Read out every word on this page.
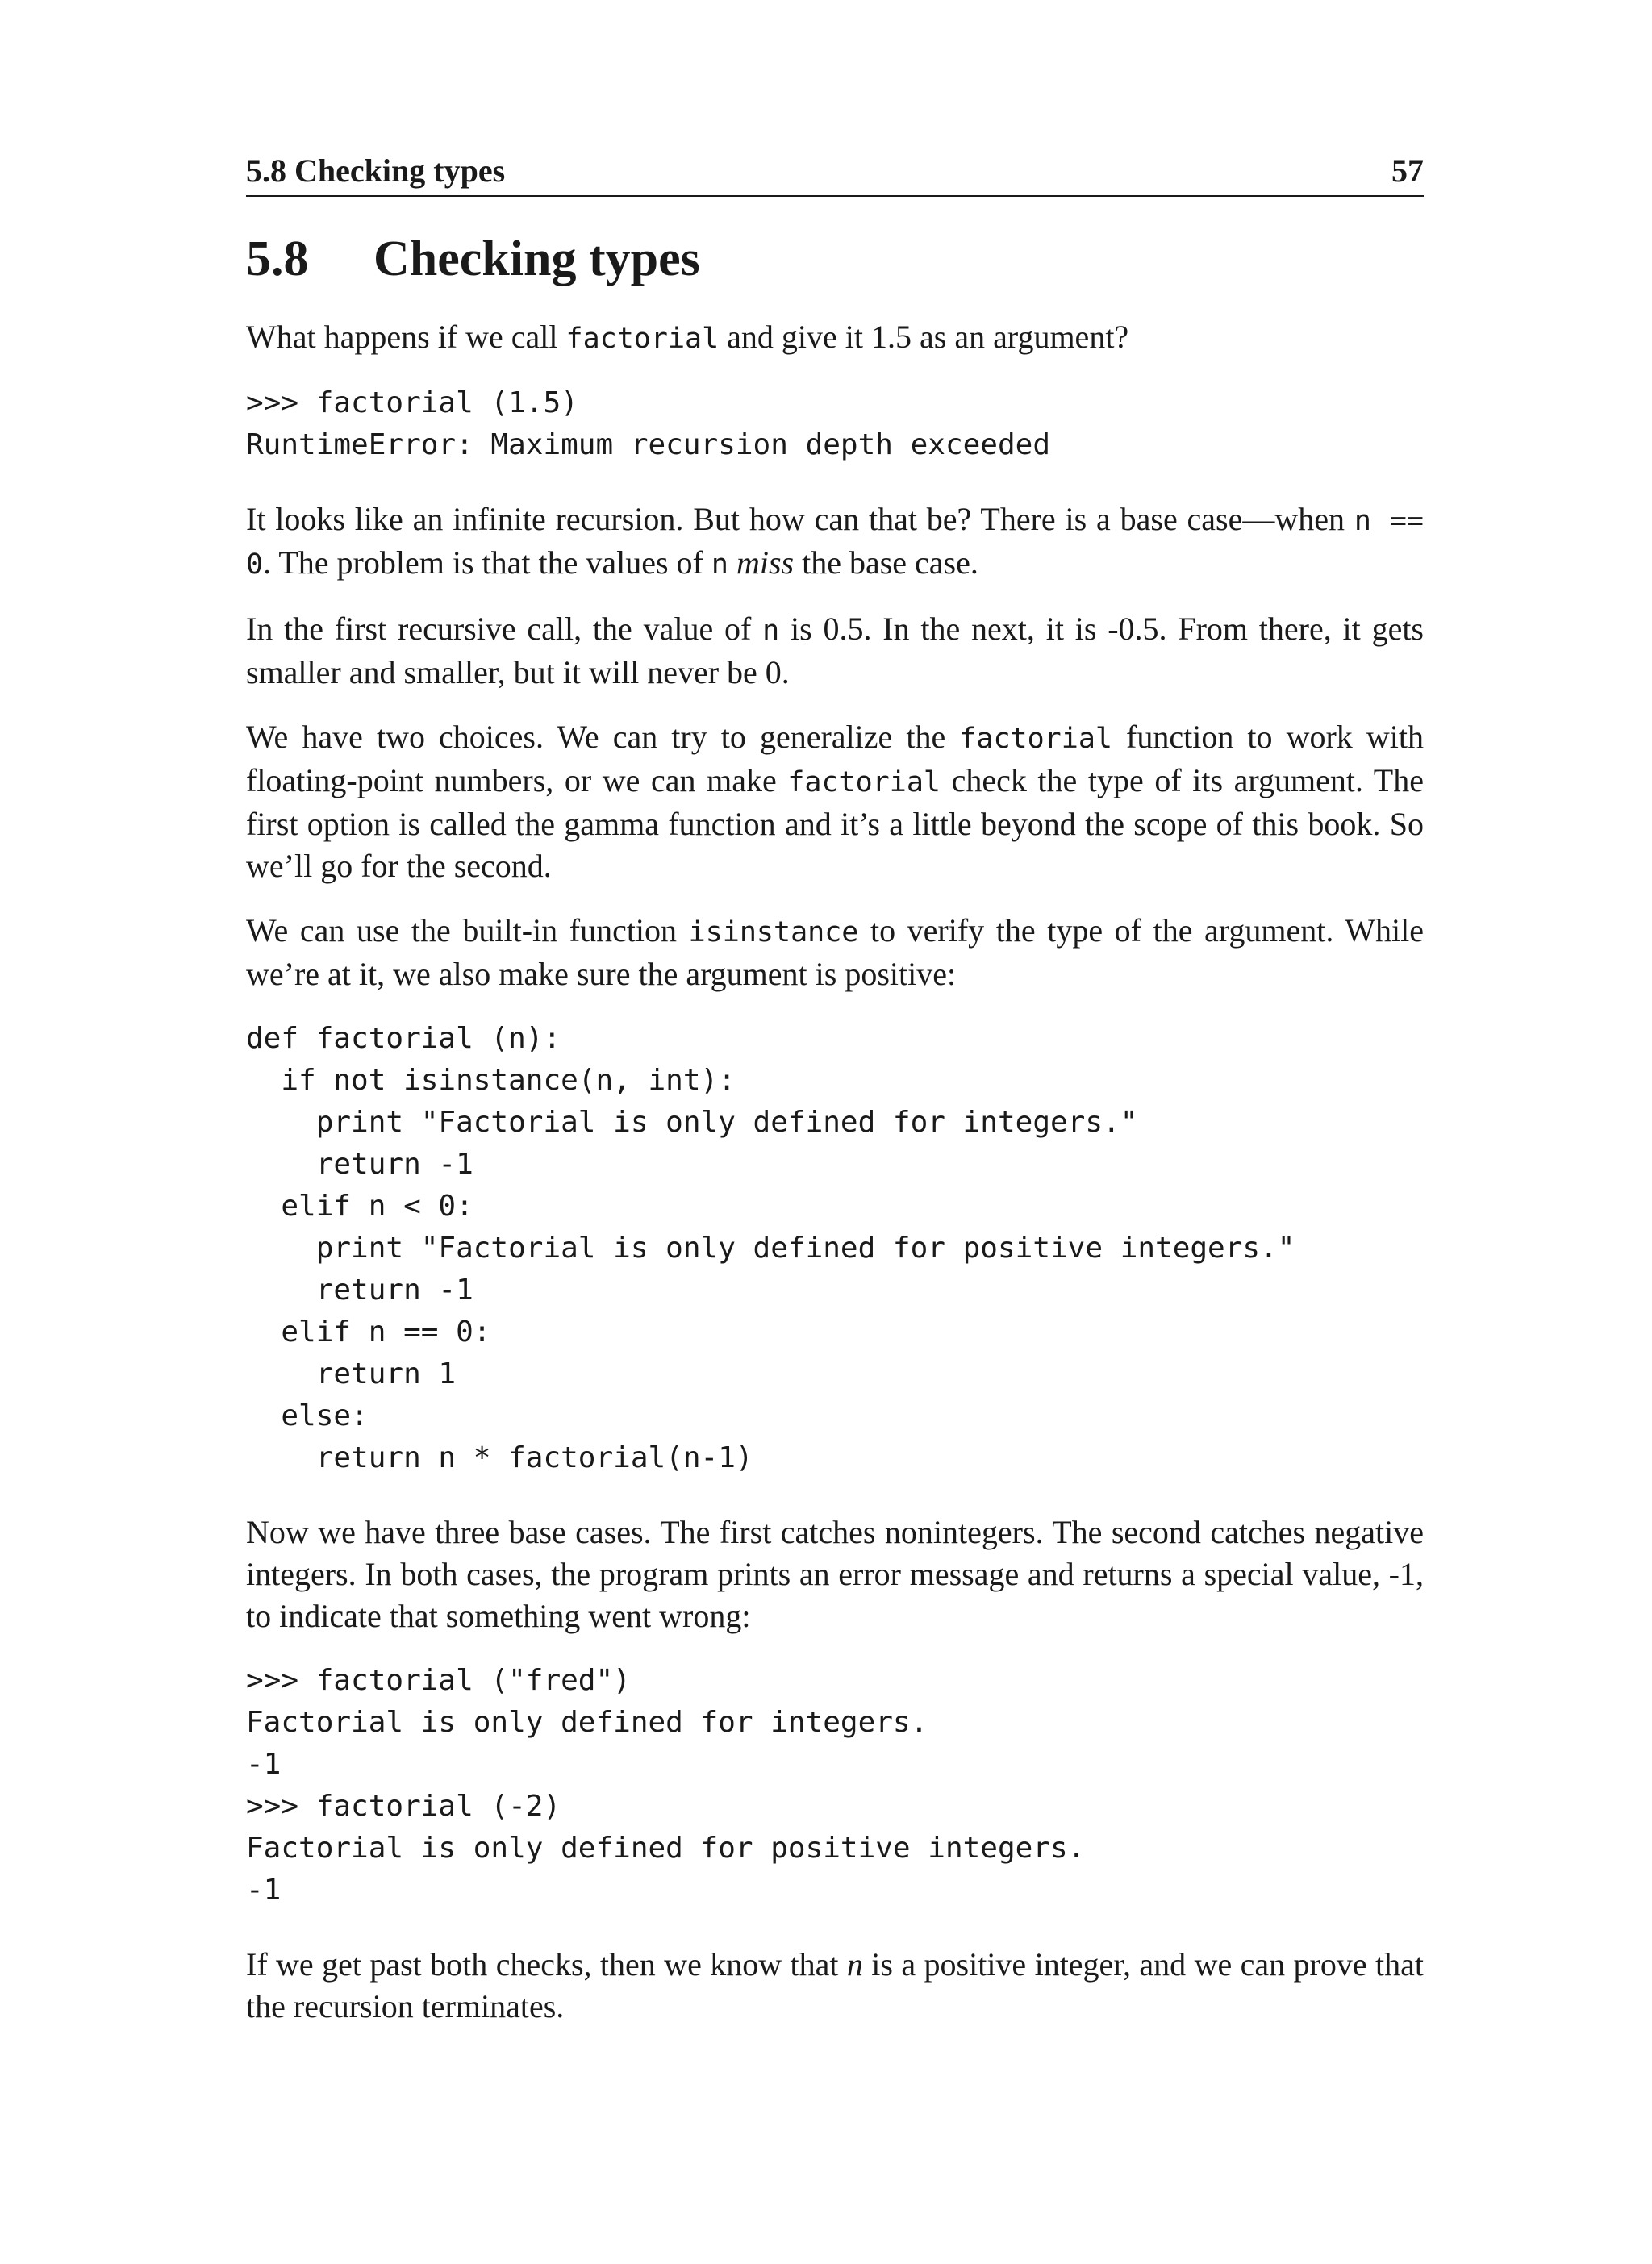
5.8 Checking types	57
5.8 Checking types

What happens if we call factorial and give it 1.5 as an argument?

>>> factorial (1.5)
RuntimeError: Maximum recursion depth exceeded

It looks like an infinite recursion. But how can that be? There is a base case—when n == 0. The problem is that the values of n miss the base case.

In the first recursive call, the value of n is 0.5. In the next, it is -0.5. From there, it gets smaller and smaller, but it will never be 0.

We have two choices. We can try to generalize the factorial function to work with floating-point numbers, or we can make factorial check the type of its argument. The first option is called the gamma function and it’s a little beyond the scope of this book. So we’ll go for the second.

We can use the built-in function isinstance to verify the type of the argument. While we’re at it, we also make sure the argument is positive:

def factorial (n):
if not isinstance(n, int):
print "Factorial is only defined for integers."
return -1
elif n < 0:
print "Factorial is only defined for positive integers."
return -1
elif n == 0:
return 1
else:
return n * factorial(n-1)

Now we have three base cases. The first catches nonintegers. The second catches negative integers. In both cases, the program prints an error message and returns a special value, -1, to indicate that something went wrong:

>>> factorial ("fred")
Factorial is only defined for integers.
-1
>>> factorial (-2)
Factorial is only defined for positive integers.
-1

If we get past both checks, then we know that n is a positive integer, and we can prove that the recursion terminates.
